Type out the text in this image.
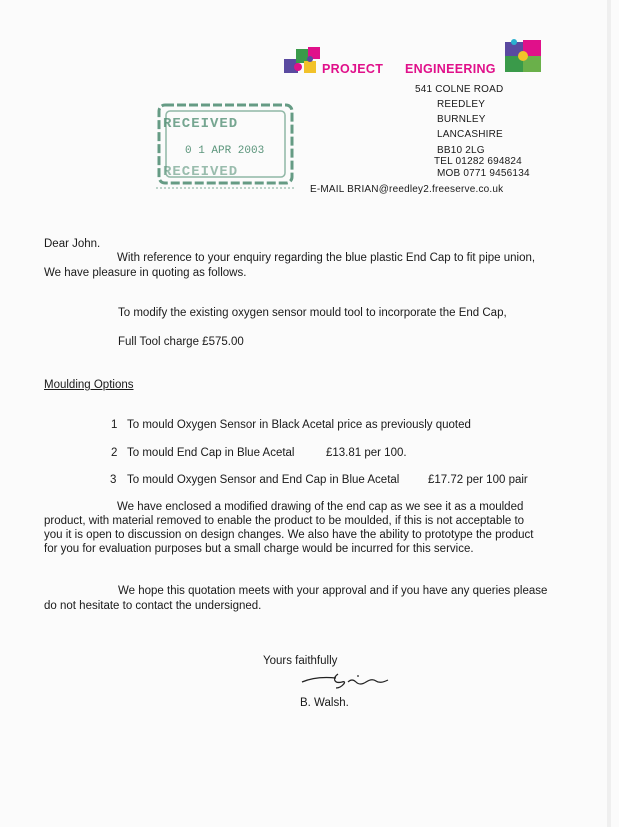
PROJECT ENGINEERING
541 COLNE ROAD
REEDLEY
BURNLEY
LANCASHIRE
BB10 2LG
TEL 01282 694824
MOB 0771 9456134
E-MAIL BRIAN@reedley2.freeserve.co.uk
RECEIVED
0 1 APR 2003
RECEIVED
Dear John.
With reference to your enquiry regarding the blue plastic End Cap to fit pipe union,
We have pleasure in quoting as follows.
To modify the existing oxygen sensor mould tool to incorporate the End Cap,
Full Tool charge £575.00
Moulding Options
1 To mould Oxygen Sensor in Black Acetal price as previously quoted
2 To mould End Cap in Blue Acetal	£13.81 per 100.
3 To mould Oxygen Sensor and End Cap in Blue Acetal £17.72 per 100 pair
We have enclosed a modified drawing of the end cap as we see it as a moulded
product, with material removed to enable the product to be moulded, if this is not acceptable to
you it is open to discussion on design changes. We also have the ability to prototype the product
for you for evaluation purposes but a small charge would be incurred for this service.
We hope this quotation meets with your approval and if you have any queries please
do not hesitate to contact the undersigned.
Yours faithfully
B. Walsh.
